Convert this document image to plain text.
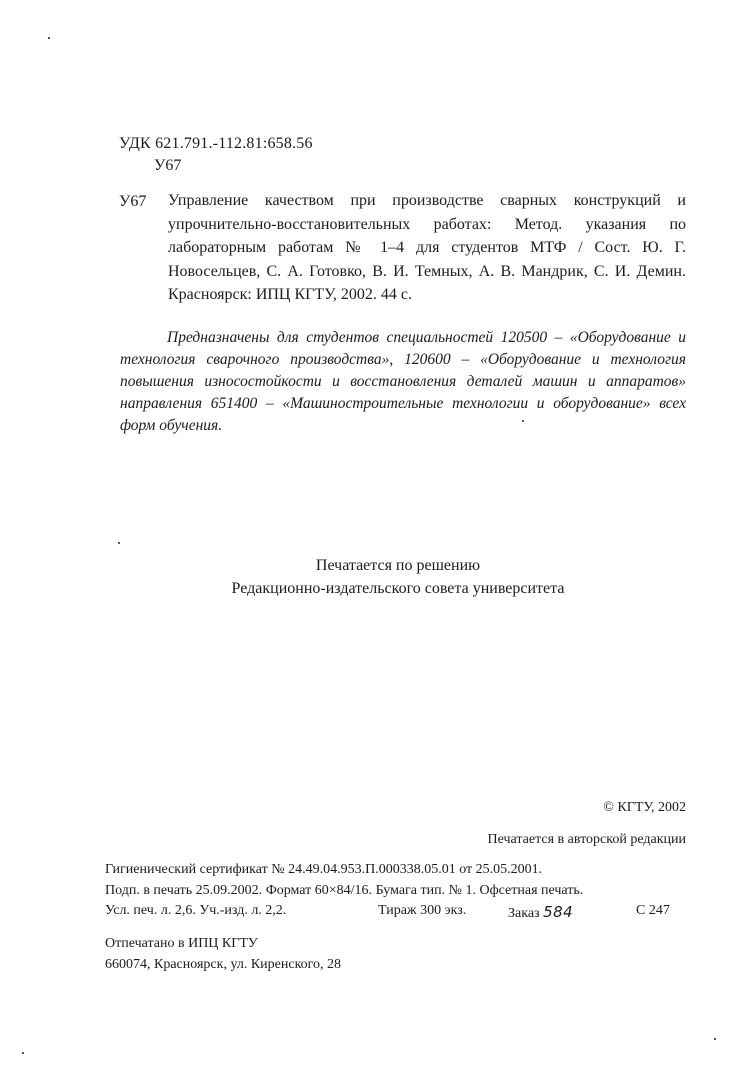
УДК 621.791.-112.81:658.56
У67
У67 Управление качеством при производстве сварных конструкций и упрочнительно-восстановительных работах: Метод. указания по лабораторным работам № 1–4 для студентов МТФ / Сост. Ю. Г. Новосельцев, С. А. Готовко, В. И. Темных, А. В. Мандрик, С. И. Демин. Красноярск: ИПЦ КГТУ, 2002. 44 с.
Предназначены для студентов специальностей 120500 – «Оборудование и технология сварочного производства», 120600 – «Оборудование и технология повышения износостойкости и восстановления деталей машин и аппаратов» направления 651400 – «Машиностроительные технологии и оборудование» всех форм обучения.
Печатается по решению
Редакционно-издательского совета университета
© КГТУ, 2002
Печатается в авторской редакции
Гигиенический сертификат № 24.49.04.953.П.000338.05.01 от 25.05.2001.
Подп. в печать 25.09.2002. Формат 60×84/16. Бумага тип. № 1. Офсетная печать.
Усл. печ. л. 2,6. Уч.-изд. л. 2,2.	Тираж 300 экз.	Заказ 584	С 247
Отпечатано в ИПЦ КГТУ
660074, Красноярск, ул. Киренского, 28
